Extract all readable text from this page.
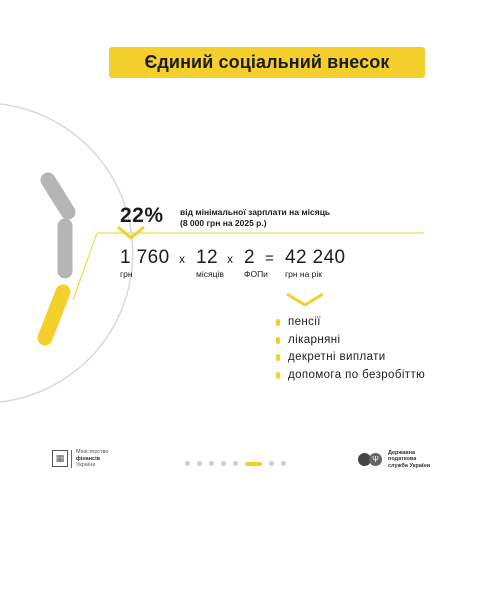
Єдиний соціальний внесок
22% від мінімальної зарплати на місяць
(8 000 грн на 2025 р.)
1 760
грн
x 12
місяців
x 2
ФОПи
= 42 240
грн на рік
пенсії
лікарняні
декретні виплати
допомога по безробіттю
▦
Міністерство
фінансів
України
Ψ
Державна
податкова
служба України
